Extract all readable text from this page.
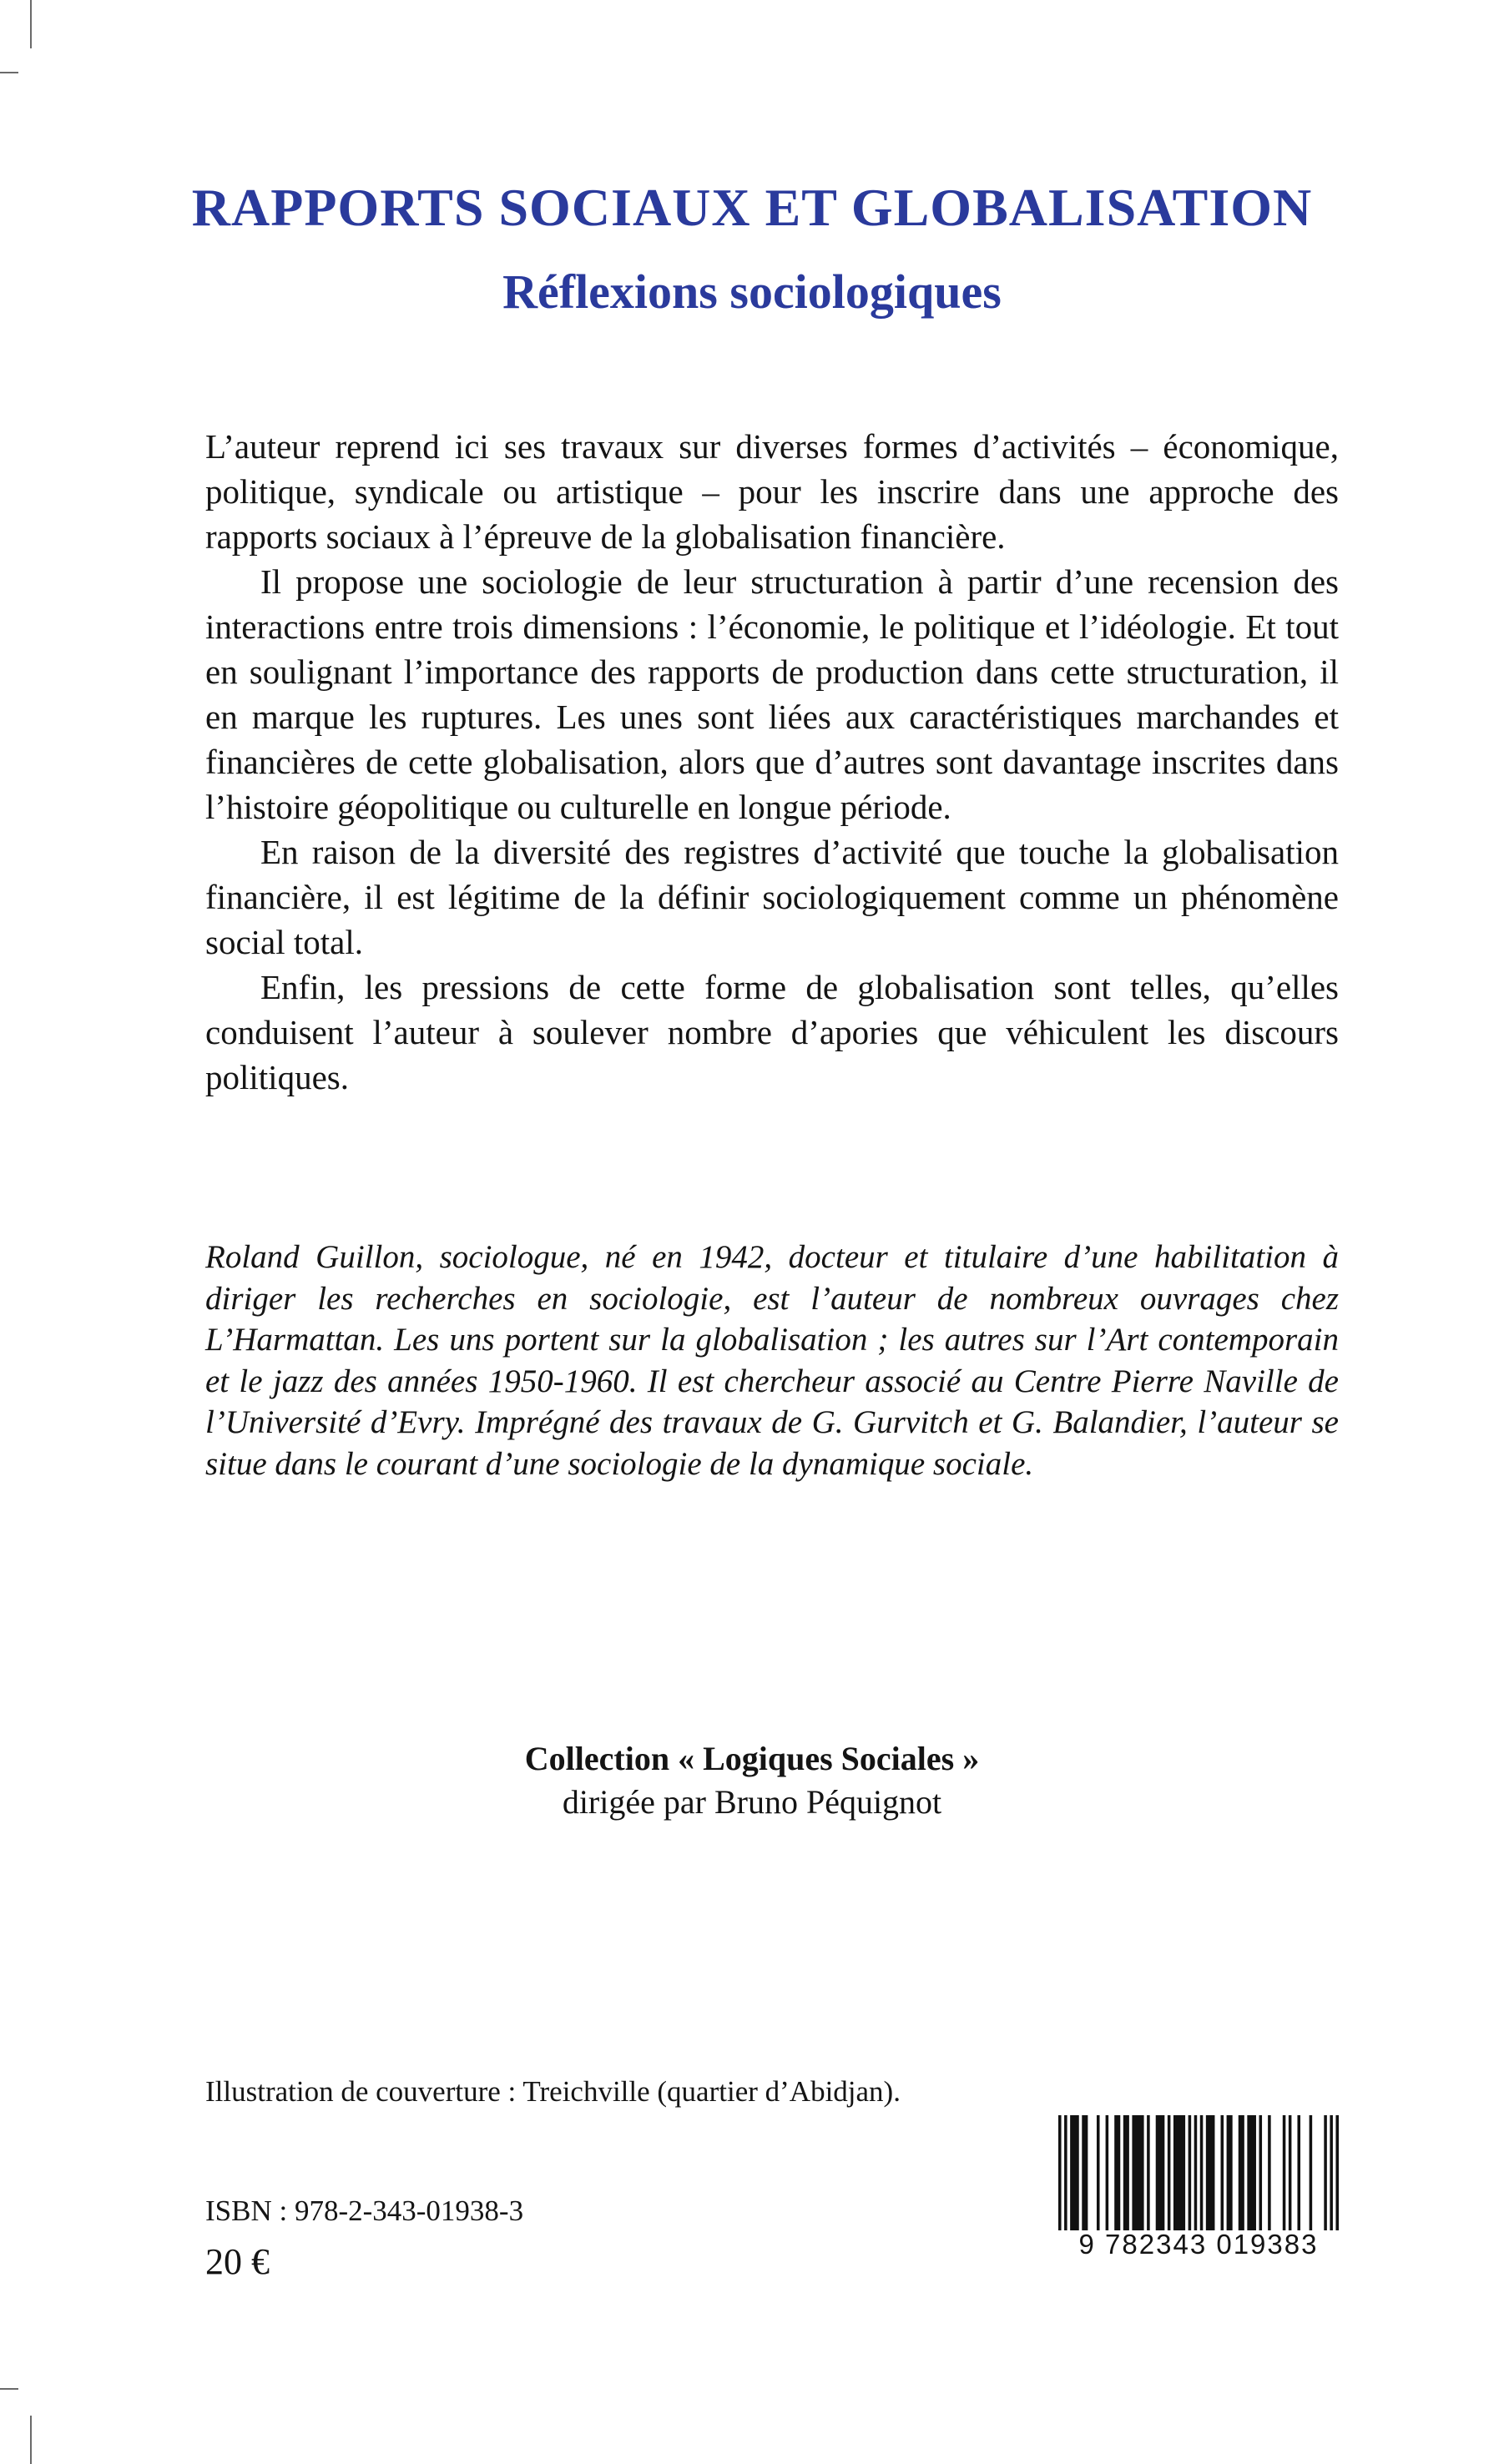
RAPPORTS SOCIAUX ET GLOBALISATION
Réflexions sociologiques

L’auteur reprend ici ses travaux sur diverses formes d’activités – économique, politique, syndicale ou artistique – pour les inscrire dans une approche des rapports sociaux à l’épreuve de la globalisation financière.

Il propose une sociologie de leur structuration à partir d’une recension des interactions entre trois dimensions : l’économie, le politique et l’idéologie. Et tout en soulignant l’importance des rapports de production dans cette structuration, il en marque les ruptures. Les unes sont liées aux caractéristiques marchandes et financières de cette globalisation, alors que d’autres sont davantage inscrites dans l’histoire géopolitique ou culturelle en longue période.

En raison de la diversité des registres d’activité que touche la globalisation financière, il est légitime de la définir sociologiquement comme un phénomène social total.

Enfin, les pressions de cette forme de globalisation sont telles, qu’elles conduisent l’auteur à soulever nombre d’apories que véhiculent les discours politiques.

Roland Guillon, sociologue, né en 1942, docteur et titulaire d’une habilitation à diriger les recherches en sociologie, est l’auteur de nombreux ouvrages chez L’Harmattan. Les uns portent sur la globalisation ; les autres sur l’Art contemporain et le jazz des années 1950-1960. Il est chercheur associé au Centre Pierre Naville de l’Université d’Evry. Imprégné des travaux de G. Gurvitch et G. Balandier, l’auteur se situe dans le courant d’une sociologie de la dynamique sociale.

Collection « Logiques Sociales »
dirigée par Bruno Péquignot

Illustration de couverture : Treichville (quartier d’Abidjan).

ISBN : 978-2-343-01938-3

20 €	9 782343 019383
